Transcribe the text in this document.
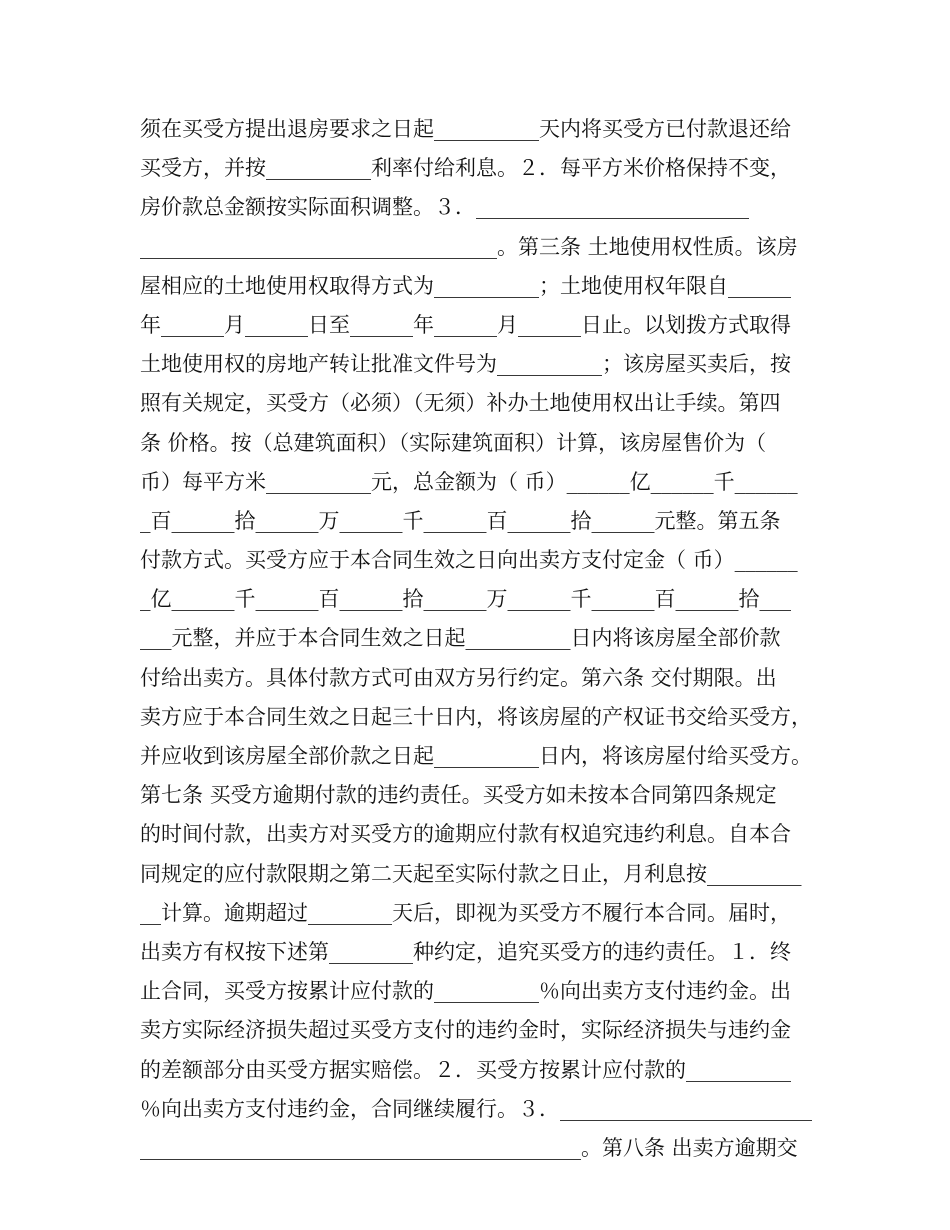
须在买受方提出退房要求之日起__________天内将买受方已付款退还给
买受方，并按__________利率付给利息。２．每平方米价格保持不变，
房价款总金额按实际面积调整。３．__________________________
__________________________________。第三条 土地使用权性质。该房
屋相应的土地使用权取得方式为__________；土地使用权年限自______
年______月______日至______年______月______日止。以划拨方式取得
土地使用权的房地产转让批准文件号为__________；该房屋买卖后，按
照有关规定，买受方（必须）（无须）补办土地使用权出让手续。第四
条 价格。按（总建筑面积）（实际建筑面积）计算，该房屋售价为（
币）每平方米__________元，总金额为（ 币）______亿______千______
_百______拾______万______千______百______拾______元整。第五条
付款方式。买受方应于本合同生效之日向出卖方支付定金（ 币）______
_亿______千______百______拾______万______千______百______拾___
___元整，并应于本合同生效之日起__________日内将该房屋全部价款
付给出卖方。具体付款方式可由双方另行约定。第六条 交付期限。出
卖方应于本合同生效之日起三十日内，将该房屋的产权证书交给买受方，
并应收到该房屋全部价款之日起__________日内，将该房屋付给买受方。
第七条 买受方逾期付款的违约责任。买受方如未按本合同第四条规定
的时间付款，出卖方对买受方的逾期应付款有权追究违约利息。自本合
同规定的应付款限期之第二天起至实际付款之日止，月利息按_________
__计算。逾期超过________天后，即视为买受方不履行本合同。届时，
出卖方有权按下述第________种约定，追究买受方的违约责任。１．终
止合同，买受方按累计应付款的__________％向出卖方支付违约金。出
卖方实际经济损失超过买受方支付的违约金时，实际经济损失与违约金
的差额部分由买受方据实赔偿。２．买受方按累计应付款的__________
％向出卖方支付违约金，合同继续履行。３．________________________
__________________________________________。第八条 出卖方逾期交
